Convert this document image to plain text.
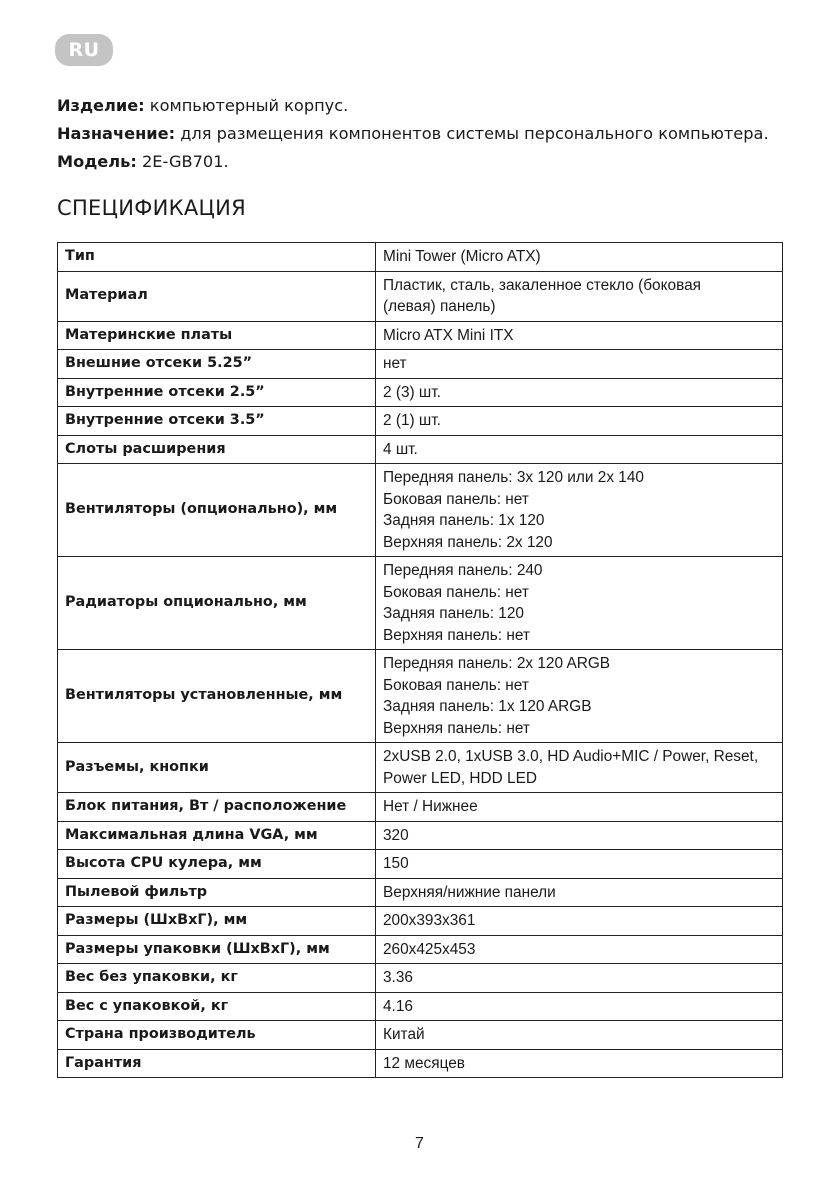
RU
Изделие: компьютерный корпус.
Назначение: для размещения компонентов системы персонального компьютера.
Модель: 2E-GB701.
СПЕЦИФИКАЦИЯ
Тип	Mini Tower (Micro ATX)

Материал	Пластик, сталь, закаленное стекло (боковая
(левая) панель)

Материнские платы	Micro ATX Mini ITX

Внешние отсеки 5.25”	нет

Внутренние отсеки 2.5”	2 (3) шт.

Внутренние отсеки 3.5”	2 (1) шт.

Слоты расширения	4 шт.

Вентиляторы (опционально), мм	Передняя панель: 3x 120 или 2x 140
Боковая панель: нет
Задняя панель: 1x 120
Верхняя панель: 2x 120

Радиаторы опционально, мм	Передняя панель: 240
Боковая панель: нет
Задняя панель: 120
Верхняя панель: нет

Вентиляторы установленные, мм	Передняя панель: 2x 120 ARGB
Боковая панель: нет
Задняя панель: 1x 120 ARGB
Верхняя панель: нет

Разъемы, кнопки	2xUSB 2.0, 1xUSB 3.0, HD Audio+MIC / Power, Reset,
Power LED, HDD LED

Блок питания, Вт / расположение	Нет / Нижнее

Максимальная длина VGA, мм	320

Высота CPU кулера, мм	150

Пылевой фильтр	Верхняя/нижние панели

Размеры (ШхВхГ), мм	200x393x361

Размеры упаковки (ШхВхГ), мм	260x425x453

Вес без упаковки, кг	3.36

Вес с упаковкой, кг	4.16

Страна производитель	Китай

Гарантия	12 месяцев
7
